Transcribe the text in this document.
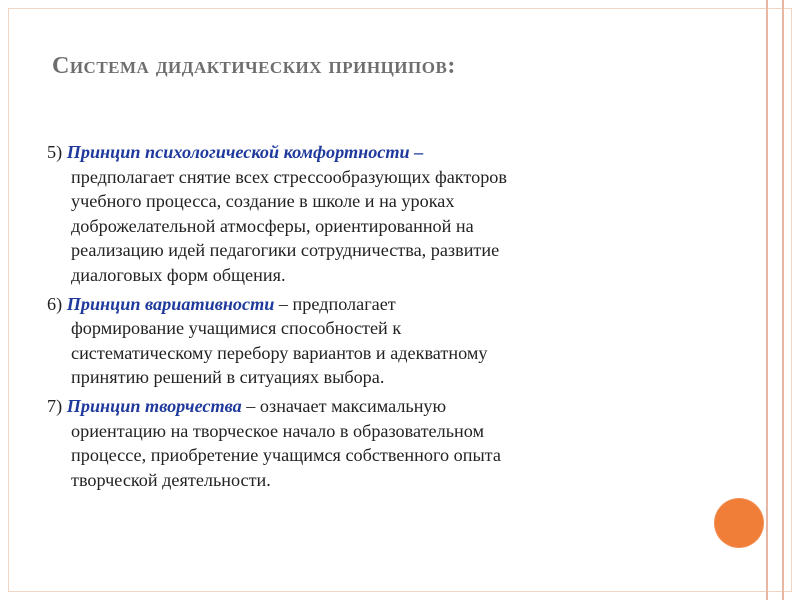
Система дидактических принципов:
5) Принцип психологической комфортности –
предполагает снятие всех стрессообразующих факторов
учебного процесса, создание в школе и на уроках
доброжелательной атмосферы, ориентированной на
реализацию идей педагогики сотрудничества, развитие
диалоговых форм общения.
6) Принцип вариативности – предполагает
формирование учащимися способностей к
систематическому перебору вариантов и адекватному
принятию решений в ситуациях выбора.
7) Принцип творчества – означает максимальную
ориентацию на творческое начало в образовательном
процессе, приобретение учащимся собственного опыта
творческой деятельности.
